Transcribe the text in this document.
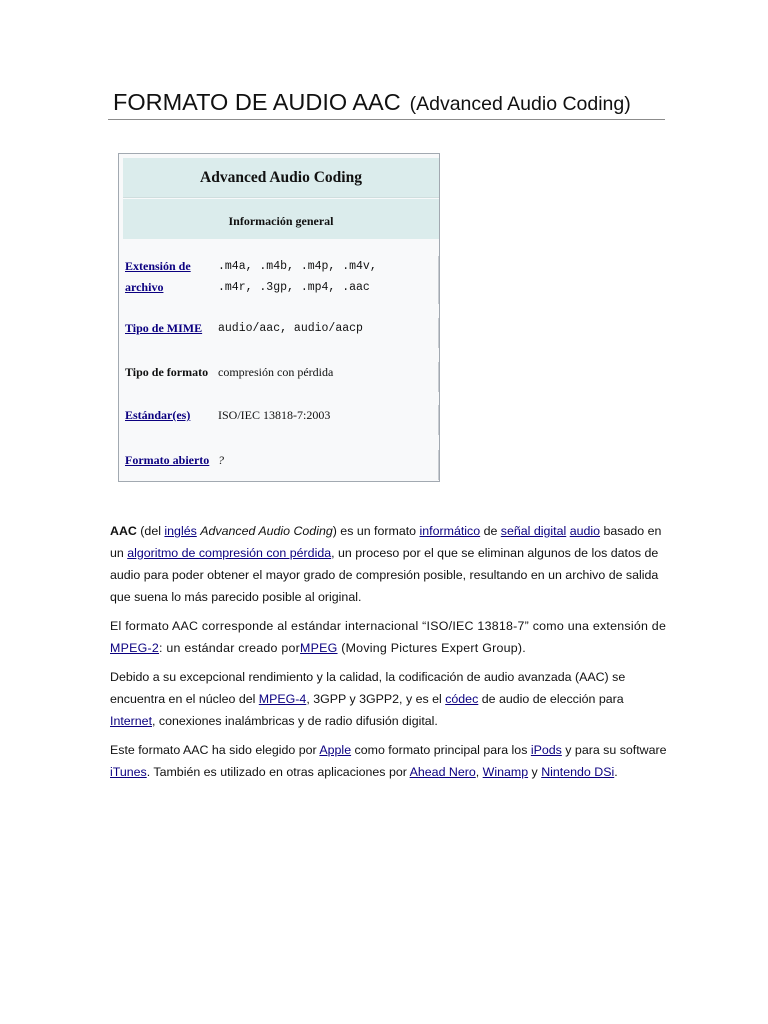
FORMATO DE AUDIO AAC (Advanced Audio Coding)
Advanced Audio Coding
Información general
Extensión de archivo
.m4a, .m4b, .m4p, .m4v,
.m4r, .3gp, .mp4, .aac
Tipo de MIME	audio/aac, audio/aacp
Tipo de formato compresión con pérdida
Estándar(es)	ISO/IEC 13818-7:2003
Formato abierto ?

AAC (del inglés Advanced Audio Coding) es un formato informático de señal digital audio basado en un algoritmo de compresión con pérdida, un proceso por el que se eliminan algunos de los datos de audio para poder obtener el mayor grado de compresión posible, resultando en un archivo de salida que suena lo más parecido posible al original.

El formato AAC corresponde al estándar internacional “ISO/IEC 13818-7” como una extensión de MPEG-2: un estándar creado porMPEG (Moving Pictures Expert Group).

Debido a su excepcional rendimiento y la calidad, la codificación de audio avanzada (AAC) se encuentra en el núcleo del MPEG-4, 3GPP y 3GPP2, y es el códec de audio de elección para Internet, conexiones inalámbricas y de radio difusión digital.

Este formato AAC ha sido elegido por Apple como formato principal para los iPods y para su software iTunes. También es utilizado en otras aplicaciones por Ahead Nero, Winamp y Nintendo DSi.
